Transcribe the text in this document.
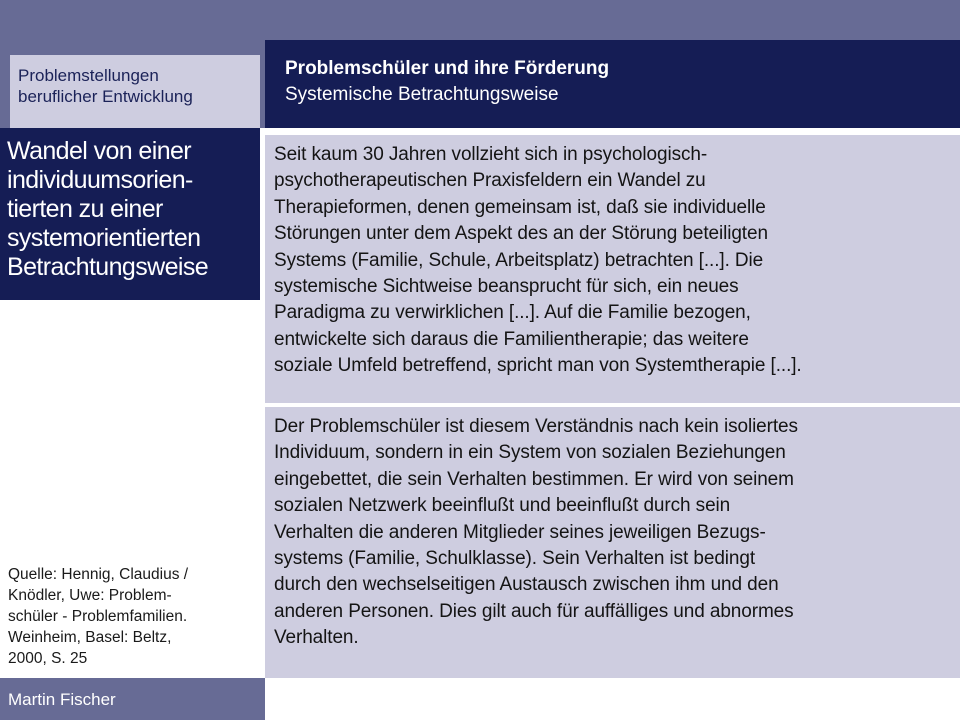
Problemstellungen
beruflicher Entwicklung
Problemschüler und ihre Förderung
Systemische Betrachtungsweise
Wandel von einer
individuumsorien-
tierten zu einer
systemorientierten
Betrachtungsweise
Quelle: Hennig, Claudius /
Knödler, Uwe: Problem-
schüler - Problemfamilien.
Weinheim, Basel: Beltz,
2000, S. 25
Martin Fischer

Seit kaum 30 Jahren vollzieht sich in psychologisch-
psychotherapeutischen Praxisfeldern ein Wandel zu
Therapieformen, denen gemeinsam ist, daß sie individuelle
Störungen unter dem Aspekt des an der Störung beteiligten
Systems (Familie, Schule, Arbeitsplatz) betrachten [...]. Die
systemische Sichtweise beansprucht für sich, ein neues
Paradigma zu verwirklichen [...]. Auf die Familie bezogen,
entwickelte sich daraus die Familientherapie; das weitere
soziale Umfeld betreffend, spricht man von Systemtherapie [...].

Der Problemschüler ist diesem Verständnis nach kein isoliertes
Individuum, sondern in ein System von sozialen Beziehungen
eingebettet, die sein Verhalten bestimmen. Er wird von seinem
sozialen Netzwerk beeinflußt und beeinflußt durch sein
Verhalten die anderen Mitglieder seines jeweiligen Bezugs-
systems (Familie, Schulklasse). Sein Verhalten ist bedingt
durch den wechselseitigen Austausch zwischen ihm und den
anderen Personen. Dies gilt auch für auffälliges und abnormes
Verhalten.
